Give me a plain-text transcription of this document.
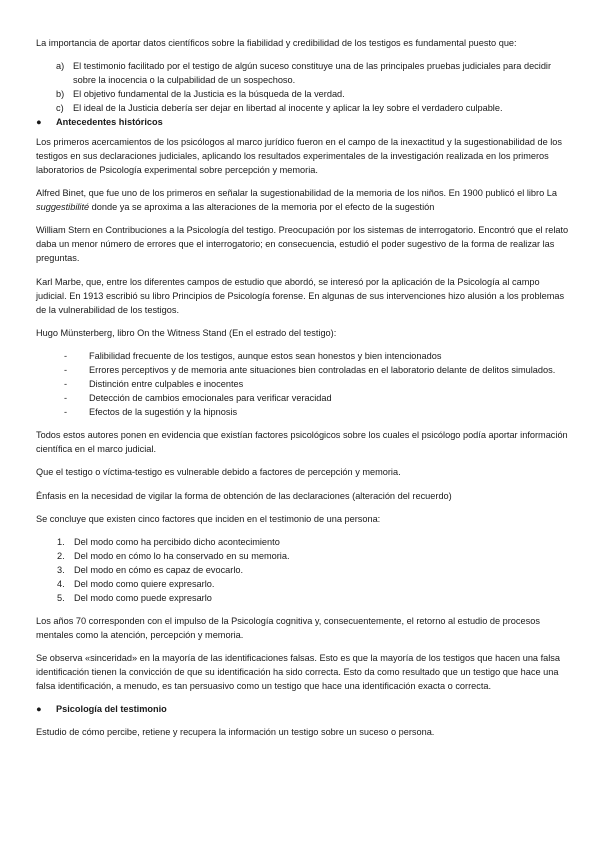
La importancia de aportar datos científicos sobre la fiabilidad y credibilidad de los testigos es fundamental puesto que:

a) El testimonio facilitado por el testigo de algún suceso constituye una de las principales pruebas judiciales para decidir sobre la inocencia o la culpabilidad de un sospechoso.
b) El objetivo fundamental de la Justicia es la búsqueda de la verdad.
c) El ideal de la Justicia debería ser dejar en libertad al inocente y aplicar la ley sobre el verdadero culpable.
● Antecedentes históricos

Los primeros acercamientos de los psicólogos al marco jurídico fueron en el campo de la inexactitud y la sugestionabilidad de los testigos en sus declaraciones judiciales, aplicando los resultados experimentales de la investigación realizada en los primeros laboratorios de Psicología experimental sobre percepción y memoria.

Alfred Binet, que fue uno de los primeros en señalar la sugestionabilidad de la memoria de los niños. En 1900 publicó el libro La suggestibilité donde ya se aproxima a las alteraciones de la memoria por el efecto de la sugestión

William Stern en Contribuciones a la Psicología del testigo. Preocupación por los sistemas de interrogatorio. Encontró que el relato daba un menor número de errores que el interrogatorio; en consecuencia, estudió el poder sugestivo de la forma de realizar las preguntas.

Karl Marbe, que, entre los diferentes campos de estudio que abordó, se interesó por la aplicación de la Psicología al campo judicial. En 1913 escribió su libro Principios de Psicología forense. En algunas de sus intervenciones hizo alusión a los problemas de la vulnerabilidad de los testigos.

Hugo Münsterberg, libro On the Witness Stand (En el estrado del testigo):

- Falibilidad frecuente de los testigos, aunque estos sean honestos y bien intencionados
- Errores perceptivos y de memoria ante situaciones bien controladas en el laboratorio delante de delitos simulados.
- Distinción entre culpables e inocentes
- Detección de cambios emocionales para verificar veracidad
- Efectos de la sugestión y la hipnosis

Todos estos autores ponen en evidencia que existían factores psicológicos sobre los cuales el psicólogo podía aportar información científica en el marco judicial.

Que el testigo o víctima-testigo es vulnerable debido a factores de percepción y memoria.

Énfasis en la necesidad de vigilar la forma de obtención de las declaraciones (alteración del recuerdo)

Se concluye que existen cinco factores que inciden en el testimonio de una persona:

1. Del modo como ha percibido dicho acontecimiento
2. Del modo en cómo lo ha conservado en su memoria.
3. Del modo en cómo es capaz de evocarlo.
4. Del modo como quiere expresarlo.
5. Del modo como puede expresarlo

Los años 70 corresponden con el impulso de la Psicología cognitiva y, consecuentemente, el retorno al estudio de procesos mentales como la atención, percepción y memoria.

Se observa «sinceridad» en la mayoría de las identificaciones falsas. Esto es que la mayoría de los testigos que hacen una falsa identificación tienen la convicción de que su identificación ha sido correcta. Esto da como resultado que un testigo que hace una falsa identificación, a menudo, es tan persuasivo como un testigo que hace una identificación exacta o correcta.

● Psicología del testimonio

Estudio de cómo percibe, retiene y recupera la información un testigo sobre un suceso o persona.
